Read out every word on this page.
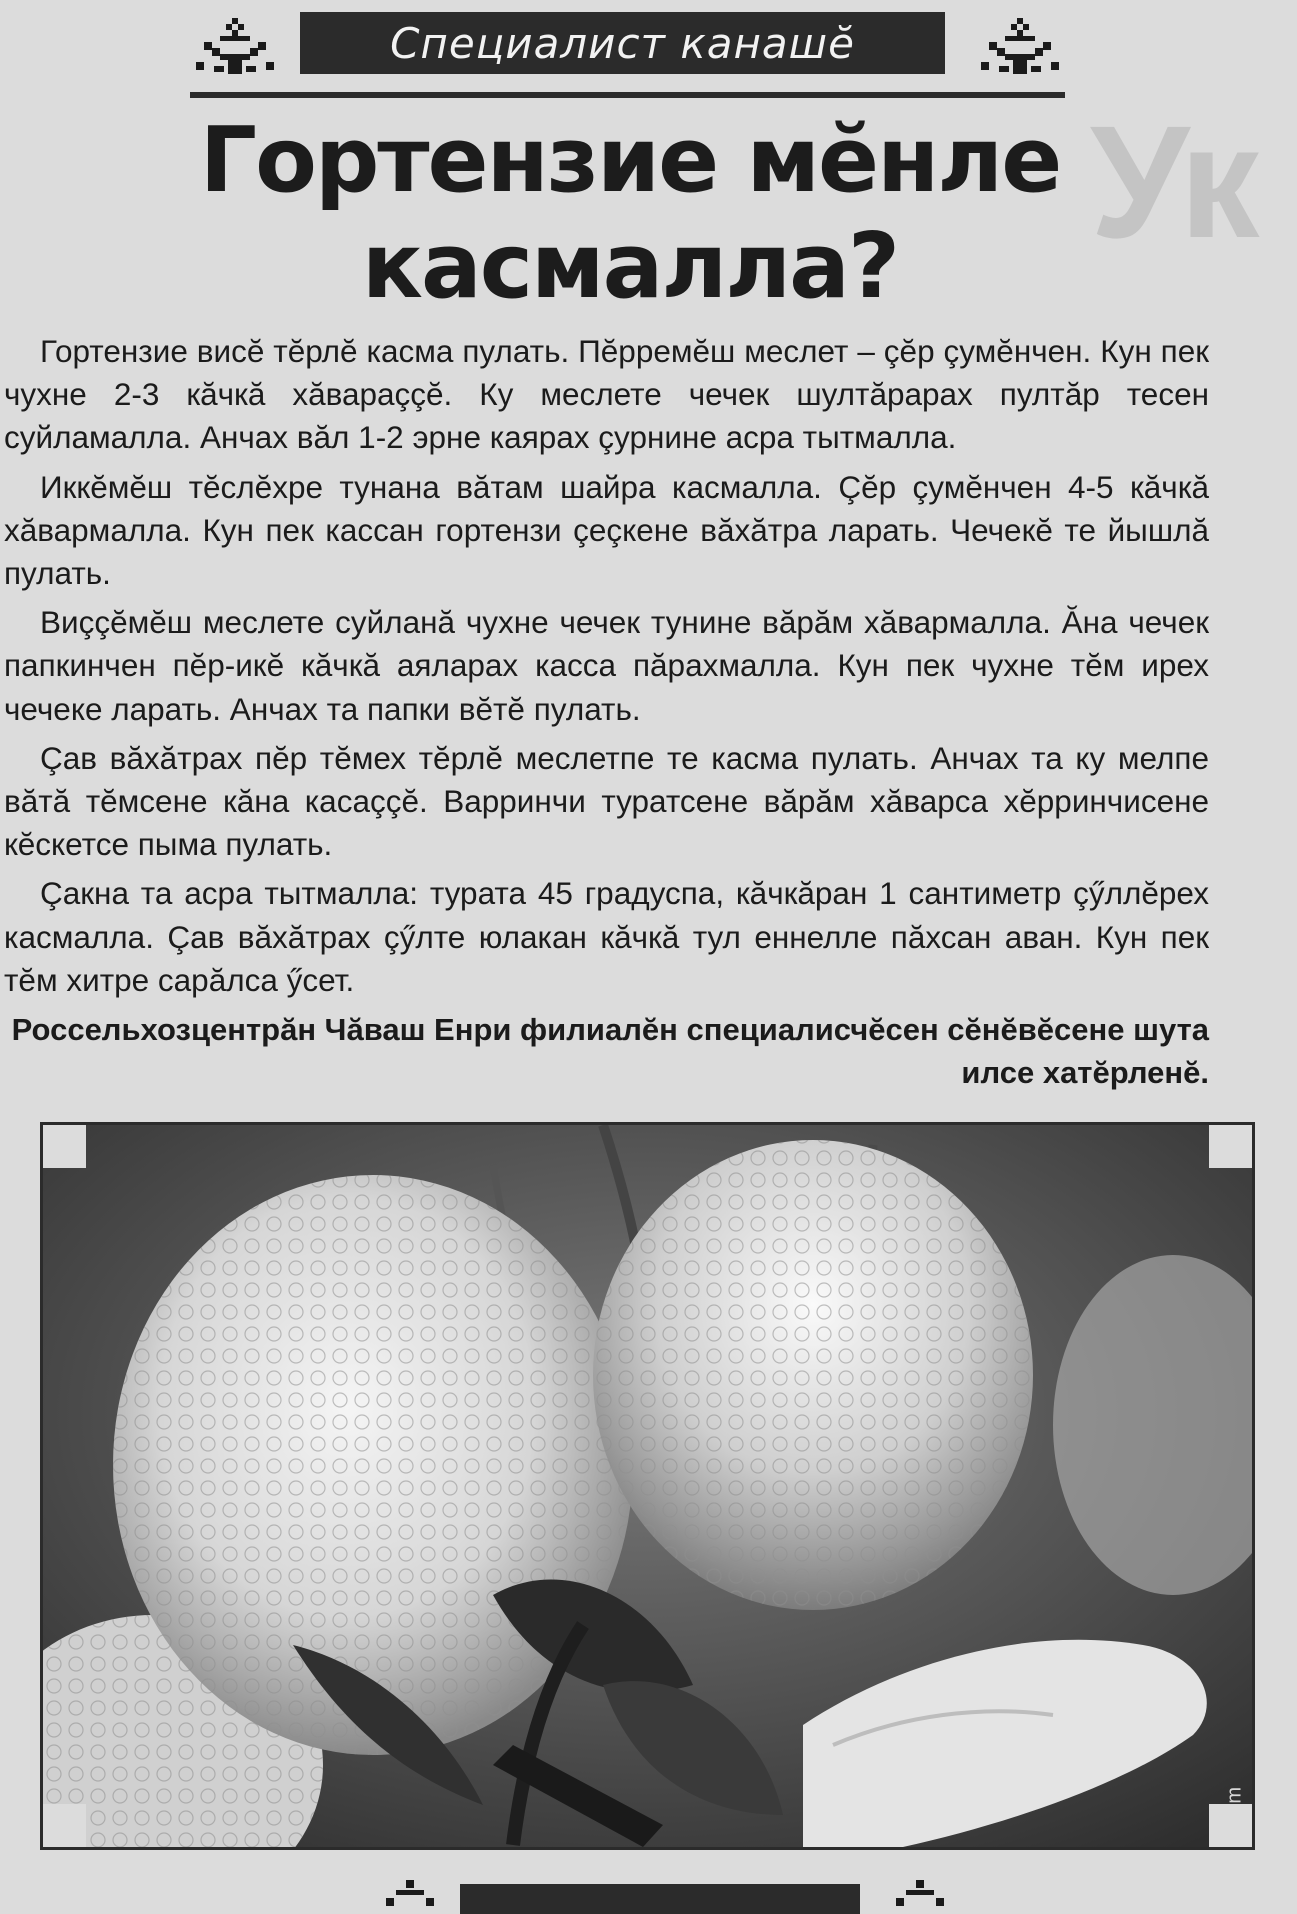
Ук
Специалист канашĕ
Гортензие мĕнле
касмалла?

Гортензие висĕ тĕрлĕ касма пулать. Пĕрремĕш меслет – çĕр çумĕнчен. Кун пек чухне 2-3 кăчкă хăвараççĕ. Ку меслете чечек шултăрарах пултăр тесен суйламалла. Анчах вăл 1-2 эрне каярах çурнине асра тытмалла.

Иккĕмĕш тĕслĕхре тунана вăтам шайра касмалла. Çĕр çумĕнчен 4-5 кăчкă хăвармалла. Кун пек кассан гортензи çеçкене вăхăтра ларать. Чечекĕ те йышлă пулать.

Виççĕмĕш меслете суйланă чухне чечек тунине вăрăм хăвармалла. Ăна чечек папкинчен пĕр-икĕ кăчкă аяларах касса пăрахмалла. Кун пек чухне тĕм ирех чечеке ларать. Анчах та папки вĕтĕ пулать.

Çав вăхăтрах пĕр тĕмех тĕрлĕ меслетпе те касма пулать. Анчах та ку мелпе вăтă тĕмсене кăна касаççĕ. Варринчи туратсене вăрăм хăварса хĕрринчисене кĕскетсе пыма пулать.

Çакна та асра тытмалла: турата 45 градуспа, кăчкăран 1 сантиметр çӳллĕрех касмалла. Çав вăхăтрах çӳлте юлакан кăчкă тул еннелле пăхсан аван. Кун пек тĕм хитре сарăлса ӳсет.

Россельхозцентрăн Чăваш Енри филиалĕн специалисчĕсен сĕнĕвĕсене шута илсе хатĕрленĕ.
